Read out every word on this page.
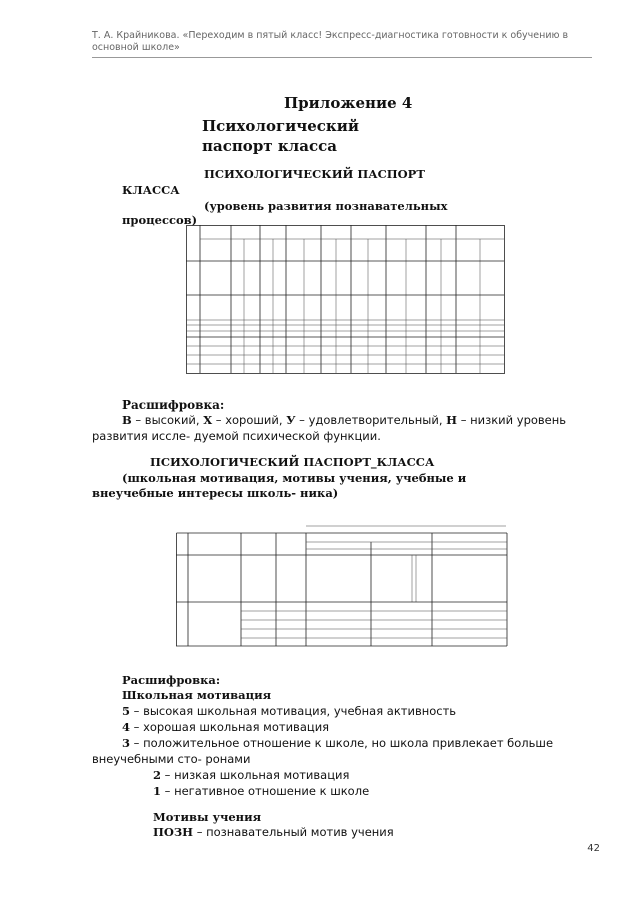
Т. А. Крайникова. «Переходим в пятый класс! Экспресс-диагностика готовности к обучению в основной школе»
Приложение 4
Психологический паспорт класса
ПСИХОЛОГИЧЕСКИЙ ПАСПОРТ
КЛАССА
(уровень развития познавательных
процессов)
Расшифровка:
В – высокий, Х – хороший, У – удовлетворительный, Н – низкий уровень развития иссле- дуемой психической функции.
ПСИХОЛОГИЧЕСКИЙ ПАСПОРТ_КЛАССА
(школьная мотивация, мотивы учения, учебные и
внеучебные интересы школь- ника)
Расшифровка:
Школьная мотивация
5 – высокая школьная мотивация, учебная активность
4 – хорошая школьная мотивация
3 – положительное отношение к школе, но школа привлекает больше внеучебными сто- ронами
2 – низкая школьная мотивация
1 – негативное отношение к школе
Мотивы учения
ПОЗН – познавательный мотив учения
42
